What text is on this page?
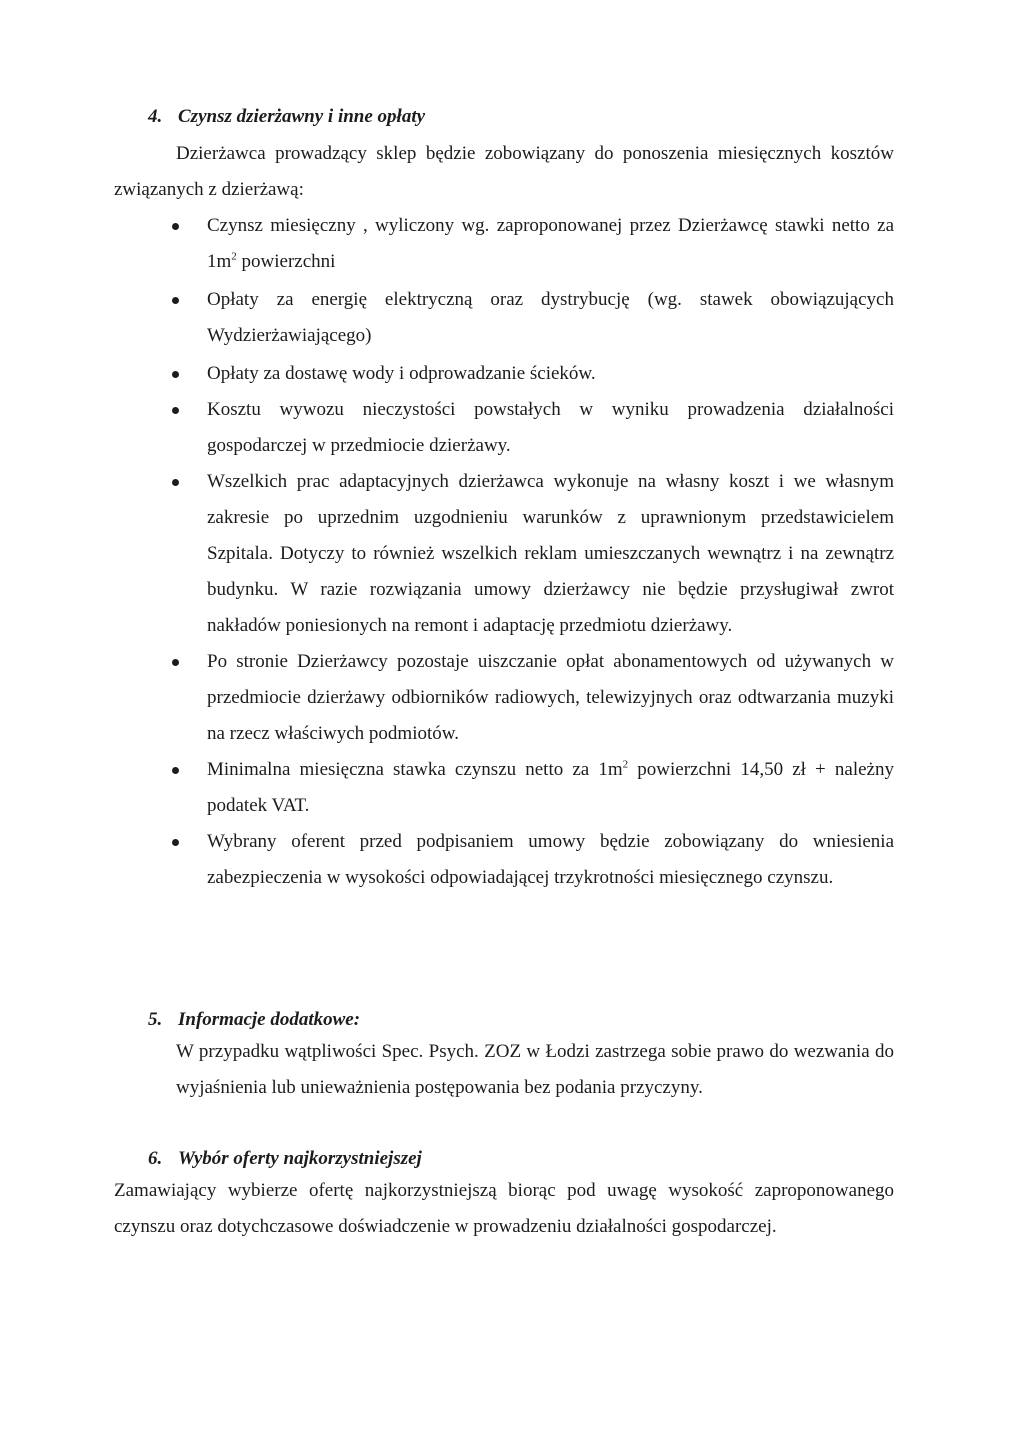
4. Czynsz dzierżawny i inne opłaty
Dzierżawca prowadzący sklep będzie zobowiązany do ponoszenia miesięcznych kosztów związanych z dzierżawą:
Czynsz miesięczny , wyliczony wg. zaproponowanej przez Dzierżawcę stawki netto za $1m^2$ powierzchni
Opłaty za energię elektryczną oraz dystrybucję (wg. stawek obowiązujących Wydzierżawiającego)
Opłaty za dostawę wody i odprowadzanie ścieków.
Kosztu wywozu nieczystości powstałych w wyniku prowadzenia działalności gospodarczej w przedmiocie dzierżawy.
Wszelkich prac adaptacyjnych dzierżawca wykonuje na własny koszt i we własnym zakresie po uprzednim uzgodnieniu warunków z uprawnionym przedstawicielem Szpitala. Dotyczy to również wszelkich reklam umieszczanych wewnątrz i na zewnątrz budynku. W razie rozwiązania umowy dzierżawcy nie będzie przysługiwał zwrot nakładów poniesionych na remont i adaptację przedmiotu dzierżawy.
Po stronie Dzierżawcy pozostaje uiszczanie opłat abonamentowych od używanych w przedmiocie dzierżawy odbiorników radiowych, telewizyjnych oraz odtwarzania muzyki na rzecz właściwych podmiotów.
Minimalna miesięczna stawka czynszu netto za $1m^2$ powierzchni 14,50 zł + należny podatek VAT.
Wybrany oferent przed podpisaniem umowy będzie zobowiązany do wniesienia zabezpieczenia w wysokości odpowiadającej trzykrotności miesięcznego czynszu.
5. Informacje dodatkowe:
W przypadku wątpliwości Spec. Psych. ZOZ w Łodzi zastrzega sobie prawo do wezwania do wyjaśnienia lub unieważnienia postępowania bez podania przyczyny.
6. Wybór oferty najkorzystniejszej
Zamawiający wybierze ofertę najkorzystniejszą biorąc pod uwagę wysokość zaproponowanego czynszu oraz dotychczasowe doświadczenie w prowadzeniu działalności gospodarczej.
